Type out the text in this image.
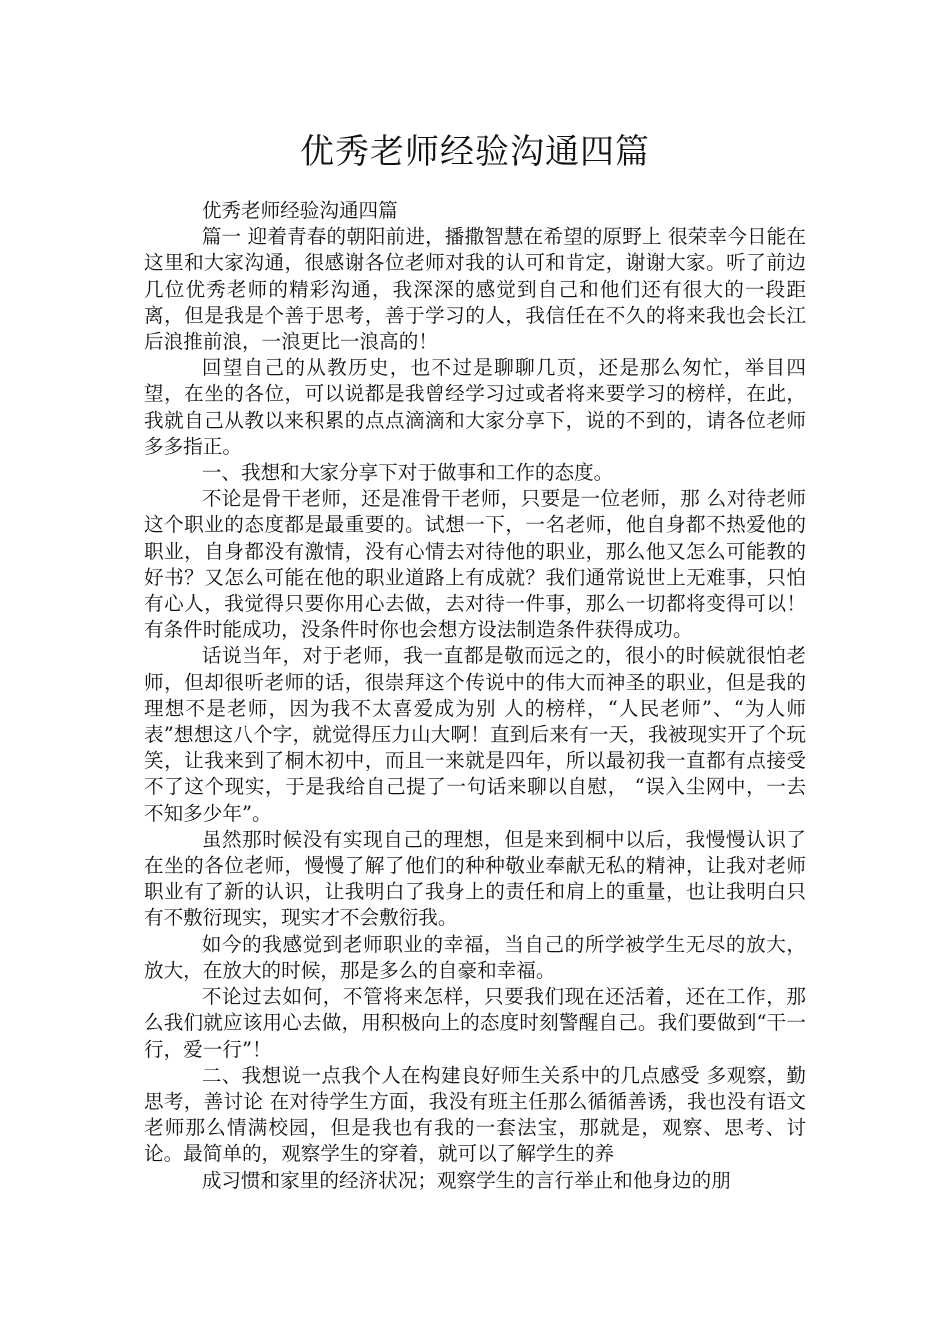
优秀老师经验沟通四篇

优秀老师经验沟通四篇

篇一 迎着青春的朝阳前进，播撒智慧在希望的原野上 很荣幸今日能在这里和大家沟通，很感谢各位老师对我的认可和肯定，谢谢大家。听了前边几位优秀老师的精彩沟通，我深深的感觉到自己和他们还有很大的一段距离，但是我是个善于思考，善于学习的人，我信任在不久的将来我也会长江后浪推前浪，一浪更比一浪高的！

回望自己的从教历史，也不过是聊聊几页，还是那么匆忙，举目四望，在坐的各位，可以说都是我曾经学习过或者将来要学习的榜样，在此，我就自己从教以来积累的点点滴滴和大家分享下，说的不到的，请各位老师多多指正。

一、我想和大家分享下对于做事和工作的态度。

不论是骨干老师，还是准骨干老师，只要是一位老师，那 么对待老师这个职业的态度都是最重要的。试想一下，一名老师，他自身都不热爱他的职业，自身都没有激情，没有心情去对待他的职业，那么他又怎么可能教的好书？又怎么可能在他的职业道路上有成就？我们通常说世上无难事，只怕有心人，我觉得只要你用心去做，去对待一件事，那么一切都将变得可以！有条件时能成功，没条件时你也会想方设法制造条件获得成功。

话说当年，对于老师，我一直都是敬而远之的，很小的时候就很怕老师，但却很听老师的话，很崇拜这个传说中的伟大而神圣的职业，但是我的理想不是老师，因为我不太喜爱成为别 人的榜样，“人民老师”、“为人师表”想想这八个字，就觉得压力山大啊！直到后来有一天，我被现实开了个玩笑，让我来到了桐木初中，而且一来就是四年，所以最初我一直都有点接受不了这个现实，于是我给自己提了一句话来聊以自慰， “误入尘网中，一去不知多少年”。

虽然那时候没有实现自己的理想，但是来到桐中以后，我慢慢认识了在坐的各位老师，慢慢了解了他们的种种敬业奉献无私的精神，让我对老师职业有了新的认识，让我明白了我身上的责任和肩上的重量，也让我明白只有不敷衍现实，现实才不会敷衍我。

如今的我感觉到老师职业的幸福，当自己的所学被学生无尽的放大，放大，在放大的时候，那是多么的自豪和幸福。

不论过去如何，不管将来怎样，只要我们现在还活着，还在工作，那么我们就应该用心去做，用积极向上的态度时刻警醒自己。我们要做到“干一行，爱一行”！

二、我想说一点我个人在构建良好师生关系中的几点感受 多观察，勤思考，善讨论 在对待学生方面，我没有班主任那么循循善诱，我也没有语文老师那么情满校园，但是我也有我的一套法宝，那就是，观察、思考、讨论。最简单的，观察学生的穿着，就可以了解学生的养

成习惯和家里的经济状况；观察学生的言行举止和他身边的朋
